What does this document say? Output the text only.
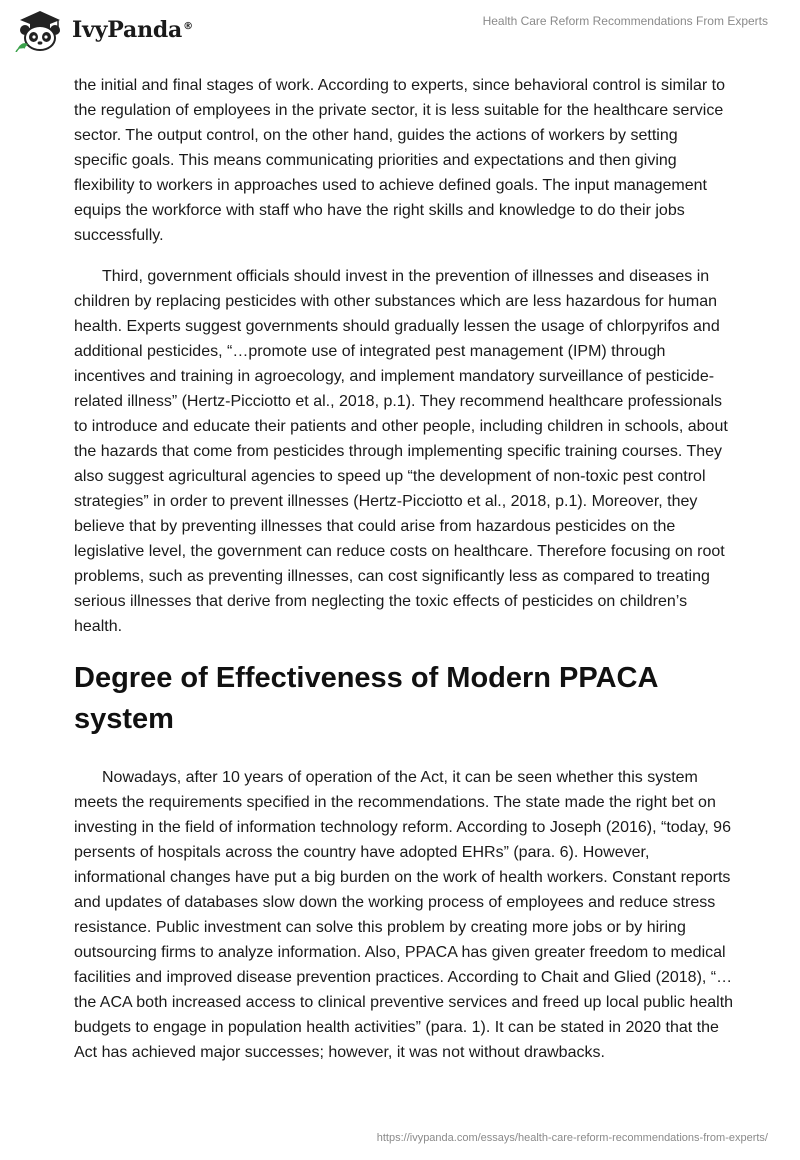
IvyPanda®	Health Care Reform Recommendations From Experts

the initial and final stages of work. According to experts, since behavioral control is similar to the regulation of employees in the private sector, it is less suitable for the healthcare service sector. The output control, on the other hand, guides the actions of workers by setting specific goals. This means communicating priorities and expectations and then giving flexibility to workers in approaches used to achieve defined goals. The input management equips the workforce with staff who have the right skills and knowledge to do their jobs successfully.

Third, government officials should invest in the prevention of illnesses and diseases in children by replacing pesticides with other substances which are less hazardous for human health. Experts suggest governments should gradually lessen the usage of chlorpyrifos and additional pesticides, “…promote use of integrated pest management (IPM) through incentives and training in agroecology, and implement mandatory surveillance of pesticide-related illness” (Hertz-Picciotto et al., 2018, p.1). They recommend healthcare professionals to introduce and educate their patients and other people, including children in schools, about the hazards that come from pesticides through implementing specific training courses. They also suggest agricultural agencies to speed up “the development of non-toxic pest control strategies” in order to prevent illnesses (Hertz-Picciotto et al., 2018, p.1). Moreover, they believe that by preventing illnesses that could arise from hazardous pesticides on the legislative level, the government can reduce costs on healthcare. Therefore focusing on root problems, such as preventing illnesses, can cost significantly less as compared to treating serious illnesses that derive from neglecting the toxic effects of pesticides on children’s health.

Degree of Effectiveness of Modern PPACA system

Nowadays, after 10 years of operation of the Act, it can be seen whether this system meets the requirements specified in the recommendations. The state made the right bet on investing in the field of information technology reform. According to Joseph (2016), “today, 96 persents of hospitals across the country have adopted EHRs” (para. 6). However, informational changes have put a big burden on the work of health workers. Constant reports and updates of databases slow down the working process of employees and reduce stress resistance. Public investment can solve this problem by creating more jobs or by hiring outsourcing firms to analyze information. Also, PPACA has given greater freedom to medical facilities and improved disease prevention practices. According to Chait and Glied (2018), “…the ACA both increased access to clinical preventive services and freed up local public health budgets to engage in population health activities” (para. 1). It can be stated in 2020 that the Act has achieved major successes; however, it was not without drawbacks.

https://ivypanda.com/essays/health-care-reform-recommendations-from-experts/
